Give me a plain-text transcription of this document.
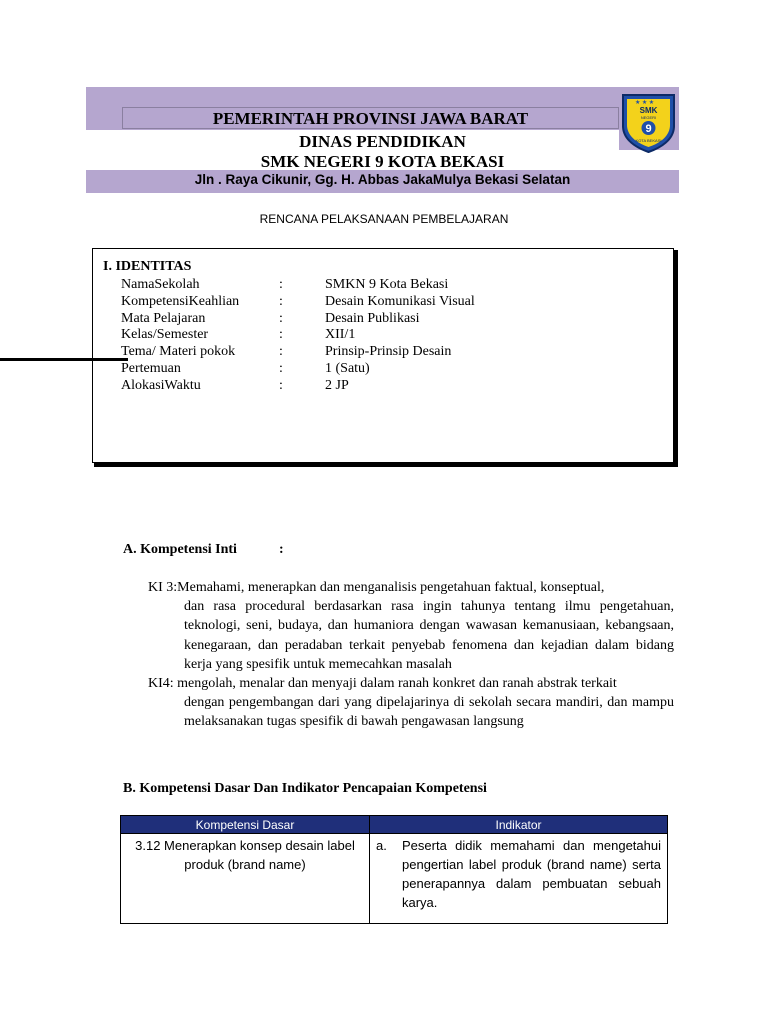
PEMERINTAH PROVINSI JAWA BARAT
DINAS PENDIDIKAN
SMK NEGERI 9 KOTA BEKASI
Jln . Raya Cikunir, Gg. H. Abbas JakaMulya Bekasi Selatan
★ ★ ★
SMK
NEGERI
9
KOTA BEKASI
RENCANA PELAKSANAAN PEMBELAJARAN
I. IDENTITAS
NamaSekolah	:	SMKN 9 Kota Bekasi
KompetensiKeahlian	:	Desain Komunikasi Visual
Mata Pelajaran	:	Desain Publikasi
Kelas/Semester	:	XII/1
Tema/ Materi pokok	:	Prinsip-Prinsip Desain
Pertemuan	:	1 (Satu)
AlokasiWaktu	:	2 JP
A. Kompetensi Inti	:
KI 3:Memahami, menerapkan dan menganalisis pengetahuan faktual, konseptual,
dan rasa procedural berdasarkan rasa ingin tahunya tentang ilmu pengetahuan, teknologi, seni, budaya, dan humaniora dengan wawasan kemanusiaan, kebangsaan, kenegaraan, dan peradaban terkait penyebab fenomena dan kejadian dalam bidang kerja yang spesifik untuk memecahkan masalah
KI4: mengolah, menalar dan menyaji dalam ranah konkret dan ranah abstrak terkait
dengan pengembangan dari yang dipelajarinya di sekolah secara mandiri, dan mampu melaksanakan tugas spesifik di bawah pengawasan langsung
B. Kompetensi Dasar Dan Indikator Pencapaian Kompetensi
Kompetensi Dasar	Indikator
3.12 Menerapkan konsep desain label produk (brand name)	a. Peserta didik memahami dan mengetahui pengertian label produk (brand name) serta penerapannya dalam pembuatan sebuah karya.
